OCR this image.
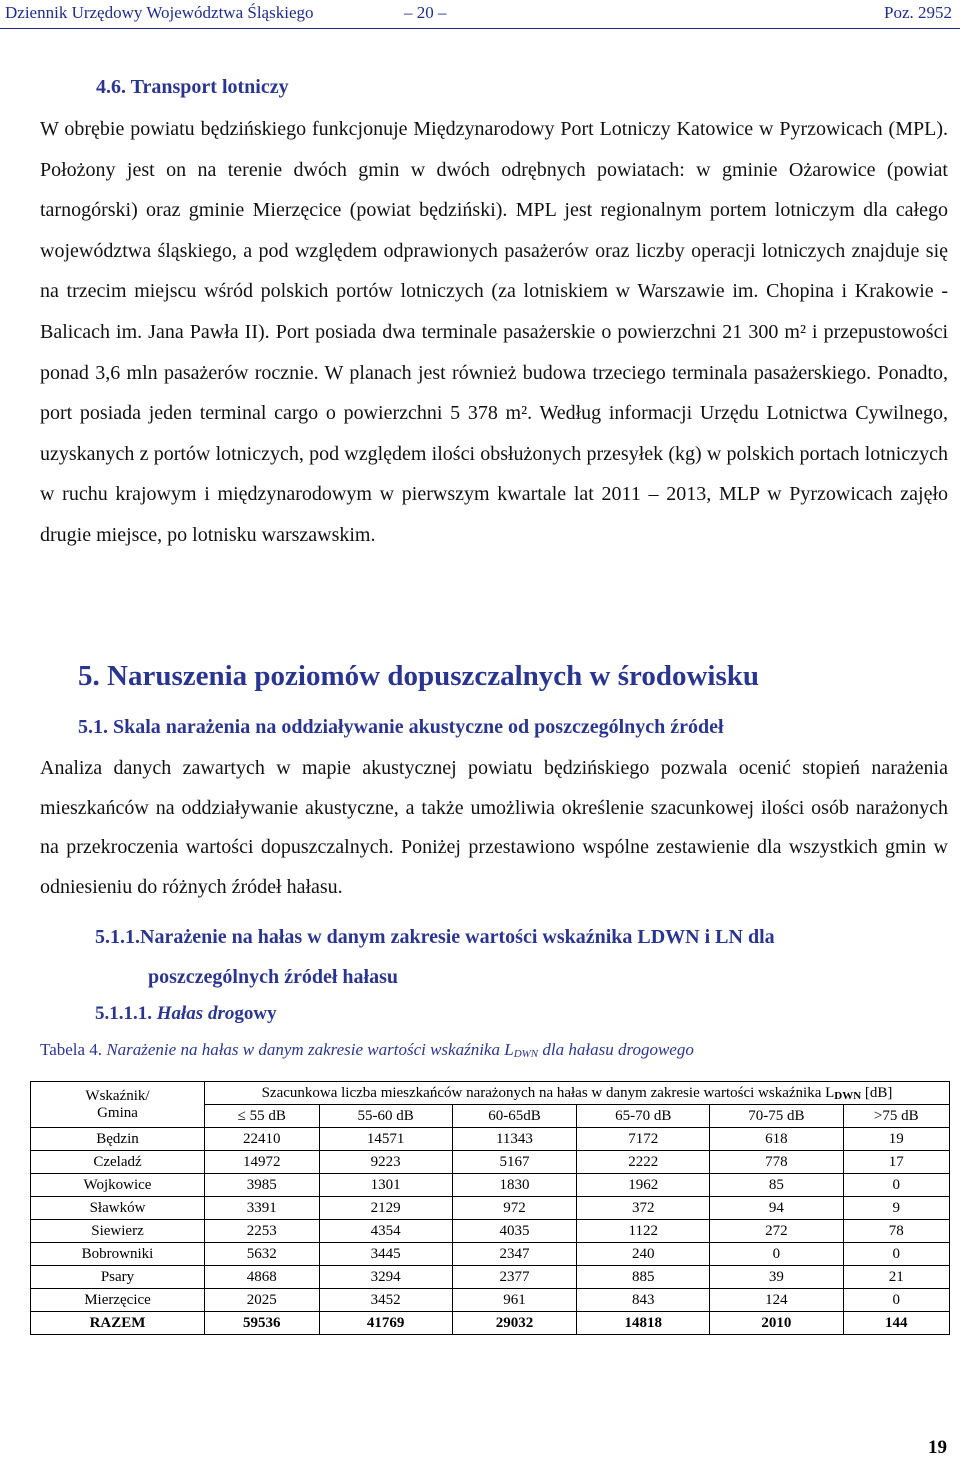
Dziennik Urzędowy Województwa Śląskiego	– 20 –	Poz. 2952
4.6. Transport lotniczy
W obrębie powiatu będzińskiego funkcjonuje Międzynarodowy Port Lotniczy Katowice w Pyrzowicach (MPL). Położony jest on na terenie dwóch gmin w dwóch odrębnych powiatach: w gminie Ożarowice (powiat tarnogórski) oraz gminie Mierzęcice (powiat będziński). MPL jest regionalnym portem lotniczym dla całego województwa śląskiego, a pod względem odprawionych pasażerów oraz liczby operacji lotniczych znajduje się na trzecim miejscu wśród polskich portów lotniczych (za lotniskiem w Warszawie im. Chopina i Krakowie - Balicach im. Jana Pawła II). Port posiada dwa terminale pasażerskie o powierzchni 21 300 m² i przepustowości ponad 3,6 mln pasażerów rocznie. W planach jest również budowa trzeciego terminala pasażerskiego. Ponadto, port posiada jeden terminal cargo o powierzchni 5 378 m². Według informacji Urzędu Lotnictwa Cywilnego, uzyskanych z portów lotniczych, pod względem ilości obsłużonych przesyłek (kg) w polskich portach lotniczych w ruchu krajowym i międzynarodowym w pierwszym kwartale lat 2011 – 2013, MLP w Pyrzowicach zajęło drugie miejsce, po lotnisku warszawskim.
5. Naruszenia poziomów dopuszczalnych w środowisku
5.1. Skala narażenia na oddziaływanie akustyczne od poszczególnych źródeł
Analiza danych zawartych w mapie akustycznej powiatu będzińskiego pozwala ocenić stopień narażenia mieszkańców na oddziaływanie akustyczne, a także umożliwia określenie szacunkowej ilości osób narażonych na przekroczenia wartości dopuszczalnych. Poniżej przestawiono wspólne zestawienie dla wszystkich gmin w odniesieniu do różnych źródeł hałasu.
5.1.1.Narażenie na hałas w danym zakresie wartości wskaźnika LDWN i LN dla
poszczególnych źródeł hałasu
5.1.1.1. Hałas drogowy
Tabela 4. Narażenie na hałas w danym zakresie wartości wskaźnika $L_{DWN}$ dla hałasu drogowego
Wskaźnik/
Gmina	Szacunkowa liczba mieszkańców narażonych na hałas w danym zakresie wartości wskaźnika $L_{DWN}$ [dB]					
	≤ 55 dB	55-60 dB	60-65dB	65-70 dB	70-75 dB	>75 dB
Będzin	22410	14571	11343	7172	618	19
Czeladź	14972	9223	5167	2222	778	17
Wojkowice	3985	1301	1830	1962	85	0
Sławków	3391	2129	972	372	94	9
Siewierz	2253	4354	4035	1122	272	78
Bobrowniki	5632	3445	2347	240	0	0
Psary	4868	3294	2377	885	39	21
Mierzęcice	2025	3452	961	843	124	0
RAZEM	59536	41769	29032	14818	2010	144
19
